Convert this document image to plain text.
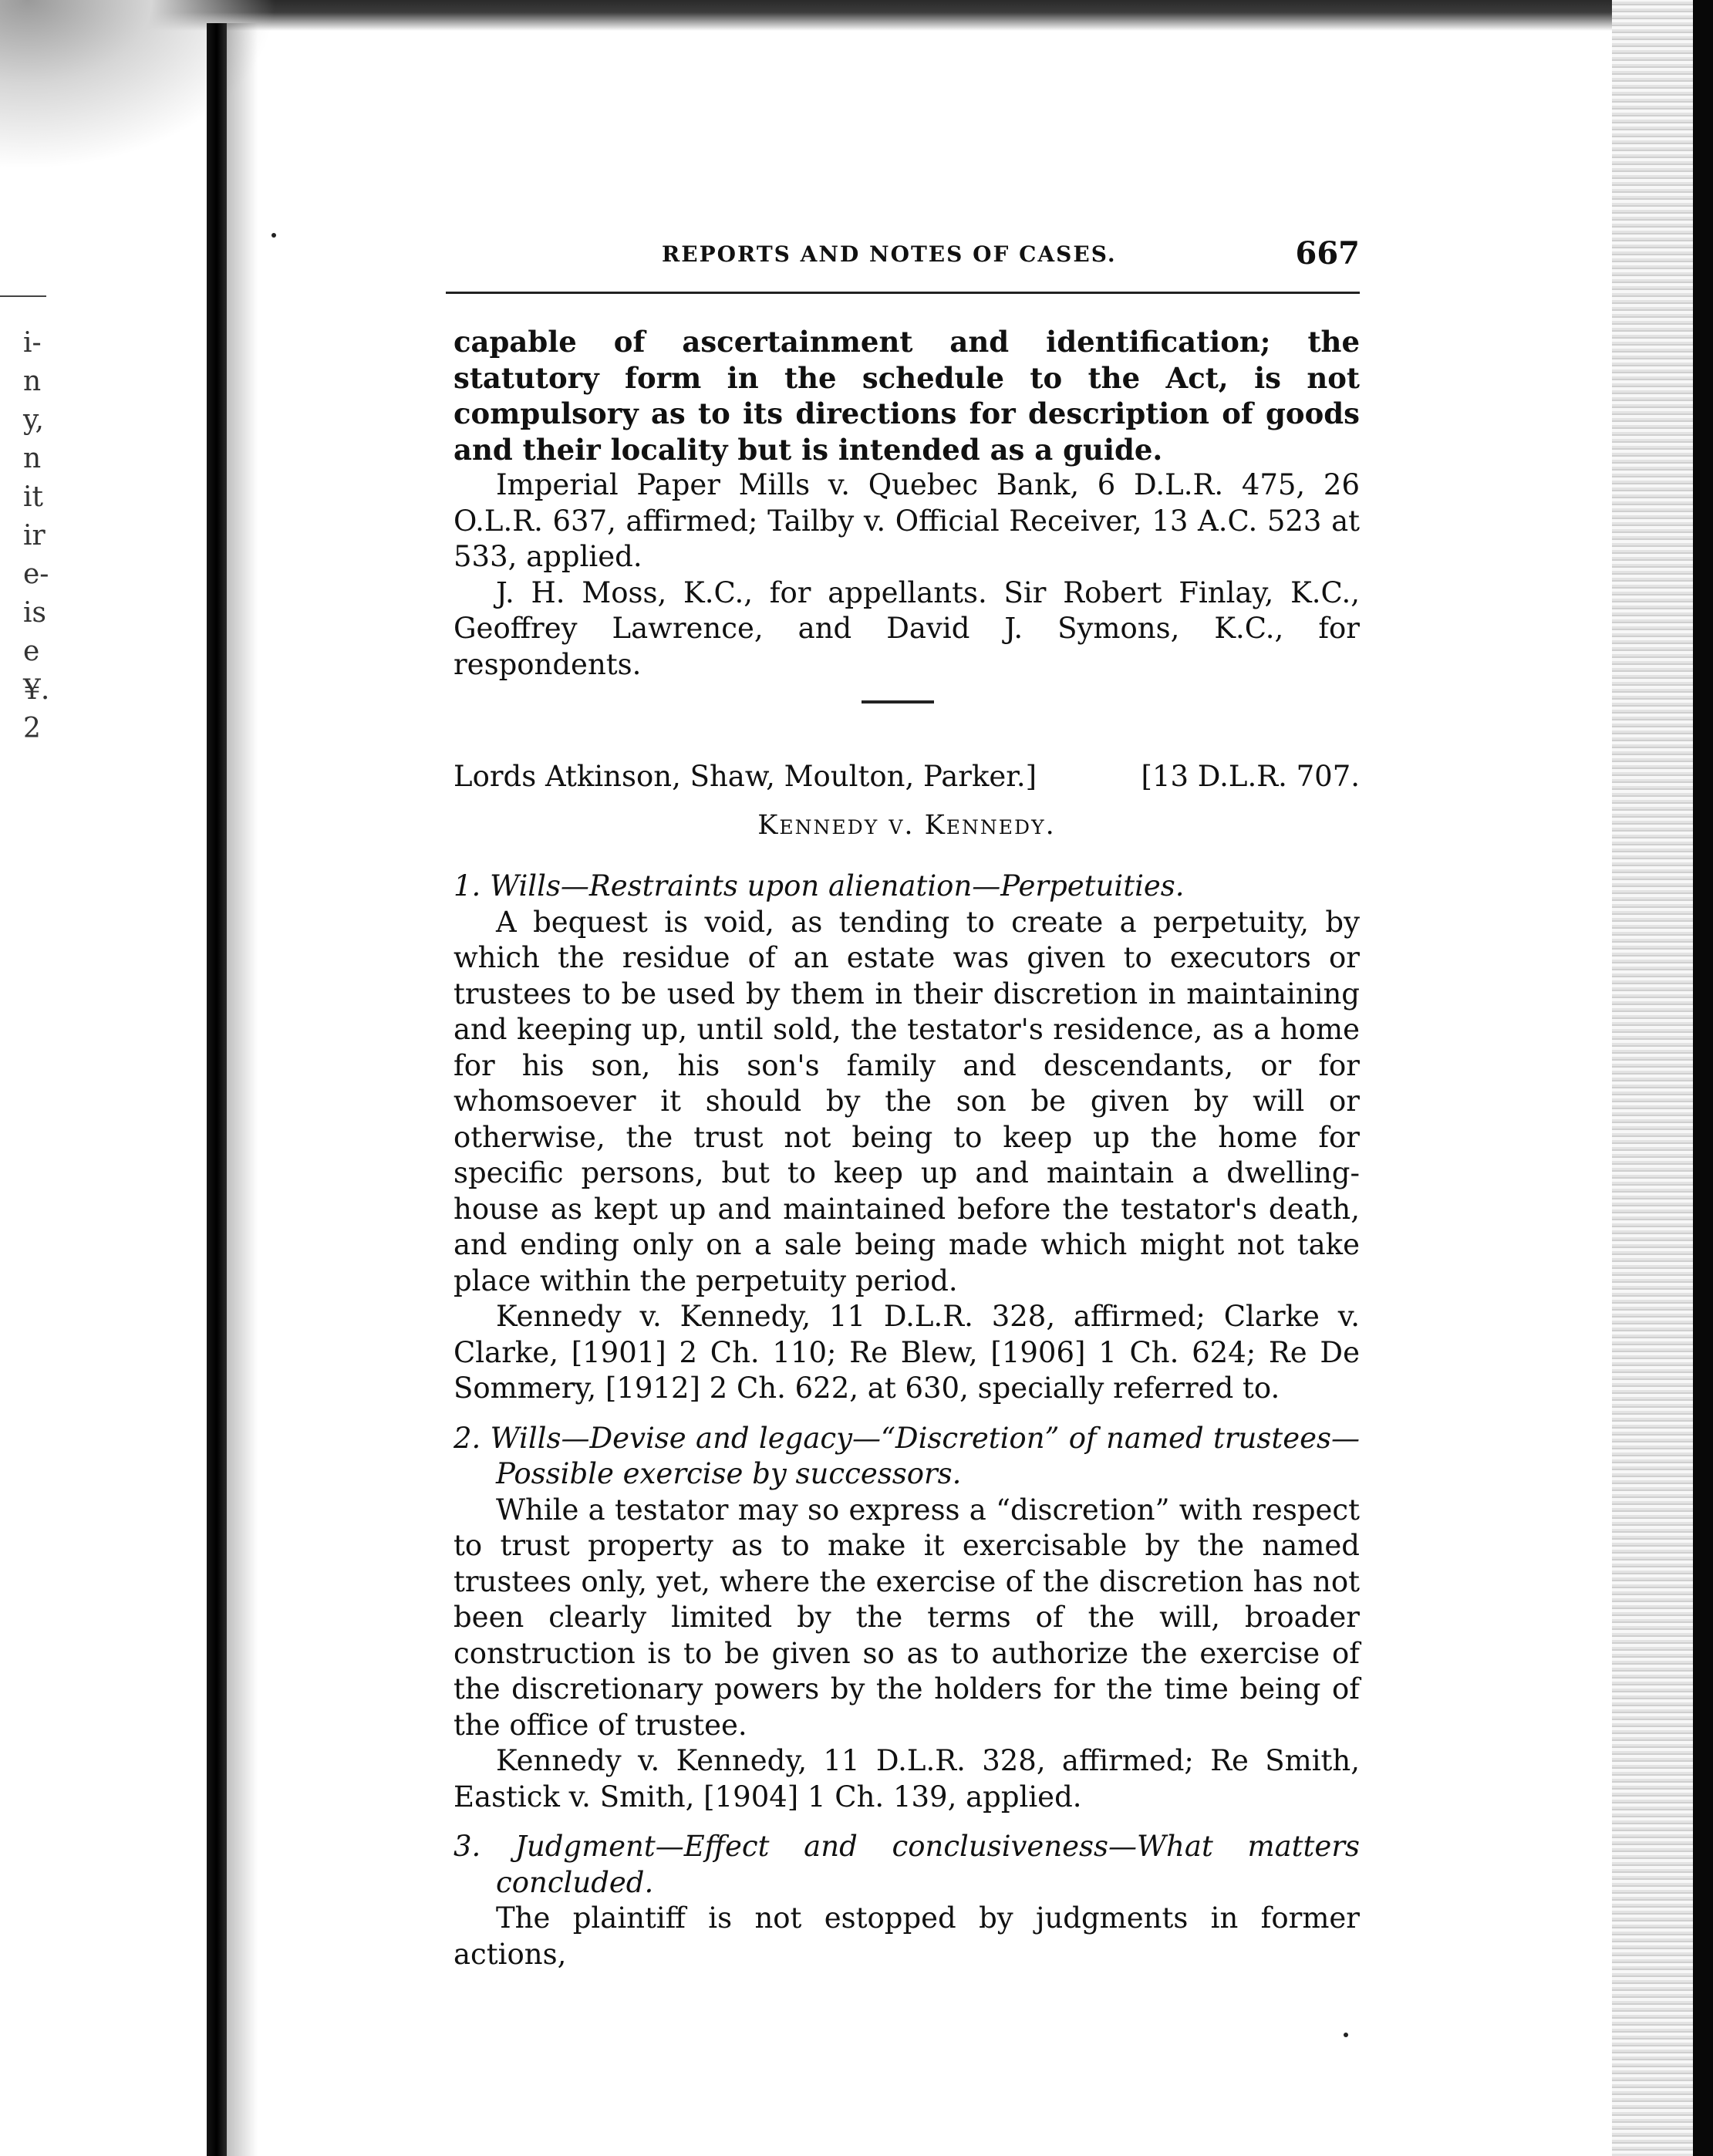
i-
n
y,
n
it
ir
e-
is
e
¥.
2
REPORTS AND NOTES OF CASES.	667

capable of ascertainment and identification; the statutory form in the schedule to the Act, is not compulsory as to its directions for description of goods and their locality but is intended as a guide.

Imperial Paper Mills v. Quebec Bank, 6 D.L.R. 475, 26 O.L.R. 637, affirmed; Tailby v. Official Receiver, 13 A.C. 523 at 533, applied.

J. H. Moss, K.C., for appellants. Sir Robert Finlay, K.C., Geoffrey Lawrence, and David J. Symons, K.C., for respondents.

Lords Atkinson, Shaw, Moulton, Parker.]	[13 D.L.R. 707.
Kennedy v. Kennedy.

1. Wills—Restraints upon alienation—Perpetuities.

A bequest is void, as tending to create a perpetuity, by which the residue of an estate was given to executors or trustees to be used by them in their discretion in maintaining and keeping up, until sold, the testator's residence, as a home for his son, his son's family and descendants, or for whomsoever it should by the son be given by will or otherwise, the trust not being to keep up the home for specific persons, but to keep up and maintain a dwelling-house as kept up and maintained before the testator's death, and ending only on a sale being made which might not take place within the perpetuity period.

Kennedy v. Kennedy, 11 D.L.R. 328, affirmed; Clarke v. Clarke, [1901] 2 Ch. 110; Re Blew, [1906] 1 Ch. 624; Re De Sommery, [1912] 2 Ch. 622, at 630, specially referred to.

2. Wills—Devise and legacy—“Discretion” of named trustees—Possible exercise by successors.

While a testator may so express a “discretion” with respect to trust property as to make it exercisable by the named trustees only, yet, where the exercise of the discretion has not been clearly limited by the terms of the will, broader construction is to be given so as to authorize the exercise of the discretionary powers by the holders for the time being of the office of trustee.

Kennedy v. Kennedy, 11 D.L.R. 328, affirmed; Re Smith, Eastick v. Smith, [1904] 1 Ch. 139, applied.

3. Judgment—Effect and conclusiveness—What matters concluded.

The plaintiff is not estopped by judgments in former actions,
